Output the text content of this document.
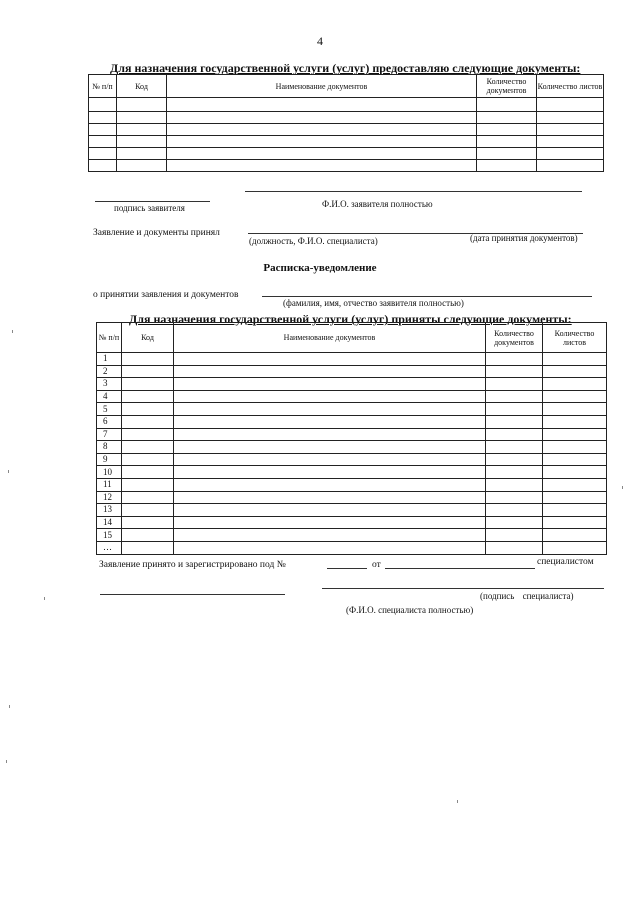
4
Для назначения государственной услуги (услуг) предоставляю следующие документы:
№ п/п	Код	Наименование документов	Количество документов	Количество листов

подпись заявителя	Ф.И.О. заявителя полностью
Заявление и документы принял
(должность, Ф.И.О. специалиста)	(дата принятия документов)
Расписка-уведомление
о принятии заявления и документов
(фамилия, имя, отчество заявителя полностью)
Для назначения государственной услуги (услуг) приняты следующие документы:
№ п/п	Код	Наименование документов	Количество документов	Количество листов
1				
2				
3				
4				
5				
6				
7				
8				
9				
10				
11				
12				
13				
14				
15				
…				
Заявление принято и зарегистрировано под №	от	специалистом
(подпись специалиста)
(Ф.И.О. специалиста полностью)
